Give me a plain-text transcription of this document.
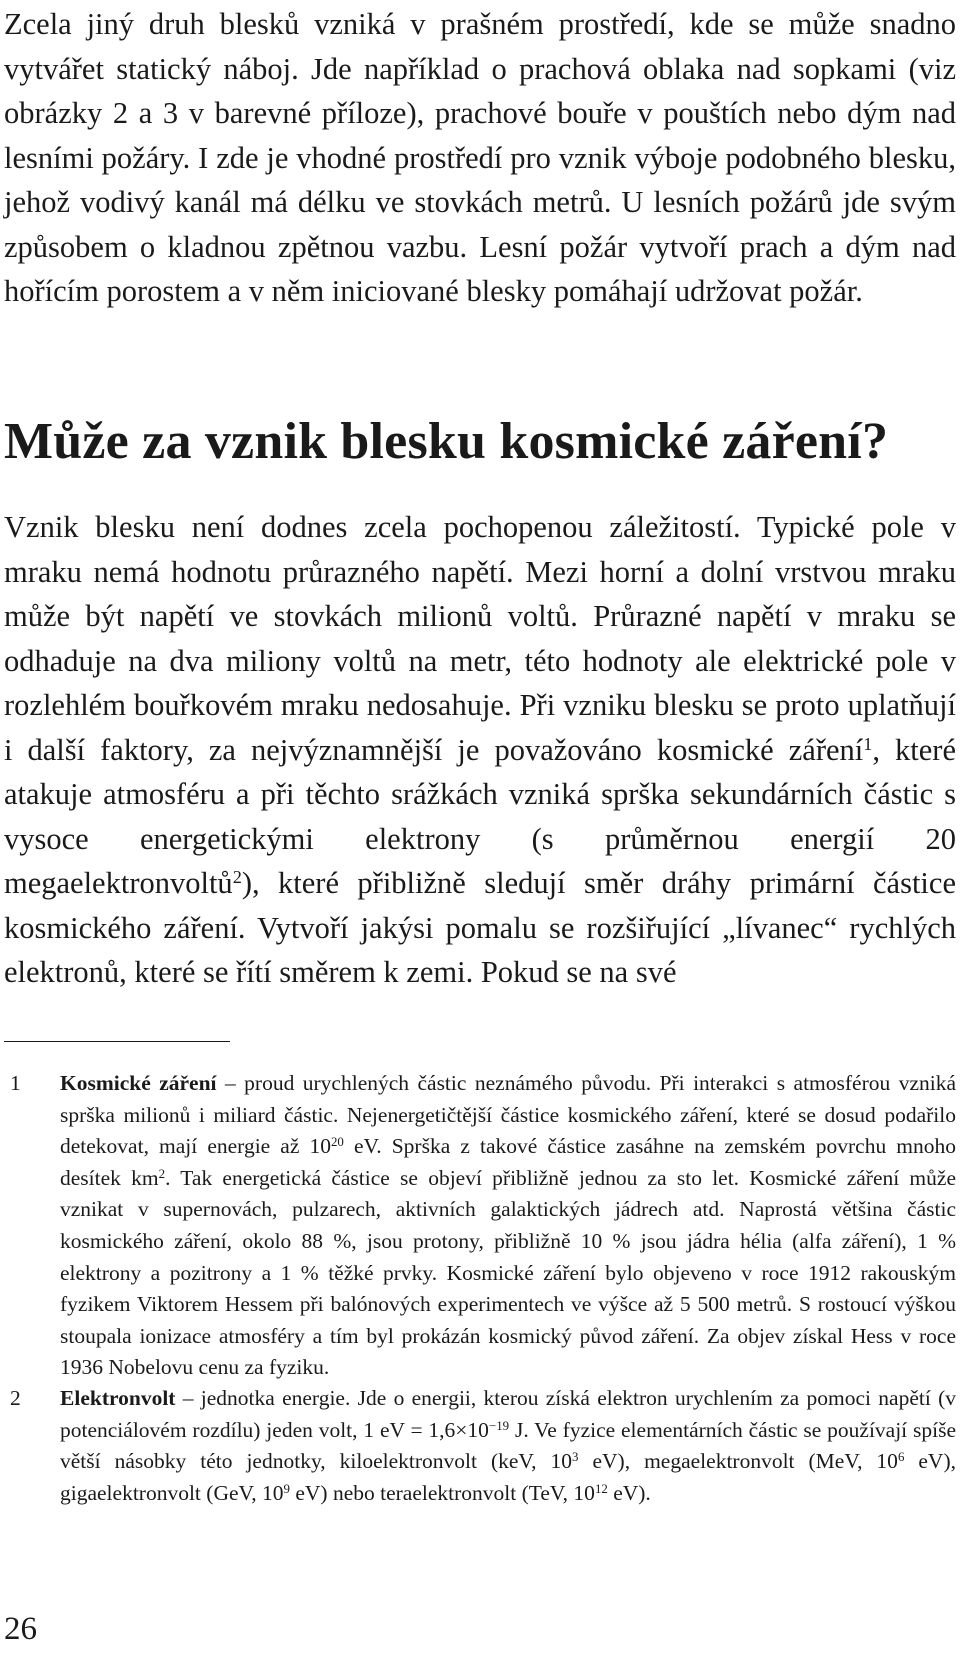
Zcela jiný druh blesků vzniká v prašném prostředí, kde se může snadno vytvářet statický náboj. Jde například o prachová oblaka nad sopkami (viz obrázky 2 a 3 v barevné příloze), prachové bouře v pouštích nebo dým nad lesními požáry. I zde je vhodné prostředí pro vznik výboje podobného blesku, jehož vodivý kanál má délku ve stovkách metrů. U lesních požárů jde svým způsobem o kladnou zpětnou vazbu. Lesní požár vytvoří prach a dým nad hořícím porostem a v něm iniciované blesky pomáhají udržovat požár.

Může za vznik blesku kosmické záření?

Vznik blesku není dodnes zcela pochopenou záležitostí. Typické pole v mraku nemá hodnotu průrazného napětí. Mezi horní a dolní vrstvou mraku může být napětí ve stovkách milionů voltů. Průrazné napětí v mraku se odhaduje na dva miliony voltů na metr, této hodnoty ale elektrické pole v rozlehlém bouřkovém mraku nedosahuje. Při vzniku blesku se proto uplatňují i další faktory, za nejvýznamnější je považováno kosmické záření$^1$, které atakuje atmosféru a při těchto srážkách vzniká sprška sekundárních částic s vysoce energetickými elektrony (s průměrnou energií 20 megaelektronvoltů$^2$), které přibližně sledují směr dráhy primární částice kosmického záření. Vytvoří jakýsi pomalu se rozšiřující „lívanec“ rychlých elektronů, které se řítí směrem k zemi. Pokud se na své

1 Kosmické záření – proud urychlených částic neznámého původu. Při interakci s atmosférou vzniká sprška milionů i miliard částic. Nejenergetičtější částice kosmického záření, které se dosud podařilo detekovat, mají energie až $10^{20}$ eV. Sprška z takové částice zasáhne na zemském povrchu mnoho desítek $km^2$. Tak energetická částice se objeví přibližně jednou za sto let. Kosmické záření může vznikat v supernovách, pulzarech, aktivních galaktických jádrech atd. Naprostá většina částic kosmického záření, okolo 88 %, jsou protony, přibližně 10 % jsou jádra hélia (alfa záření), 1 % elektrony a pozitrony a 1 % těžké prvky. Kosmické záření bylo objeveno v roce 1912 rakouským fyzikem Viktorem Hessem při balónových experimentech ve výšce až 5 500 metrů. S rostoucí výškou stoupala ionizace atmosféry a tím byl prokázán kosmický původ záření. Za objev získal Hess v roce 1936 Nobelovu cenu za fyziku.
2 Elektronvolt – jednotka energie. Jde o energii, kterou získá elektron urychlením za pomoci napětí (v potenciálovém rozdílu) jeden volt, 1 eV = $1,6\times 10^{-19}$ J. Ve fyzice elementárních částic se používají spíše větší násobky této jednotky, kiloelektronvolt (keV, $10^3$ eV), megaelektronvolt (MeV, $10^6$ eV), gigaelektronvolt (GeV, $10^9$ eV) nebo teraelektronvolt (TeV, $10^{12}$ eV).
26
